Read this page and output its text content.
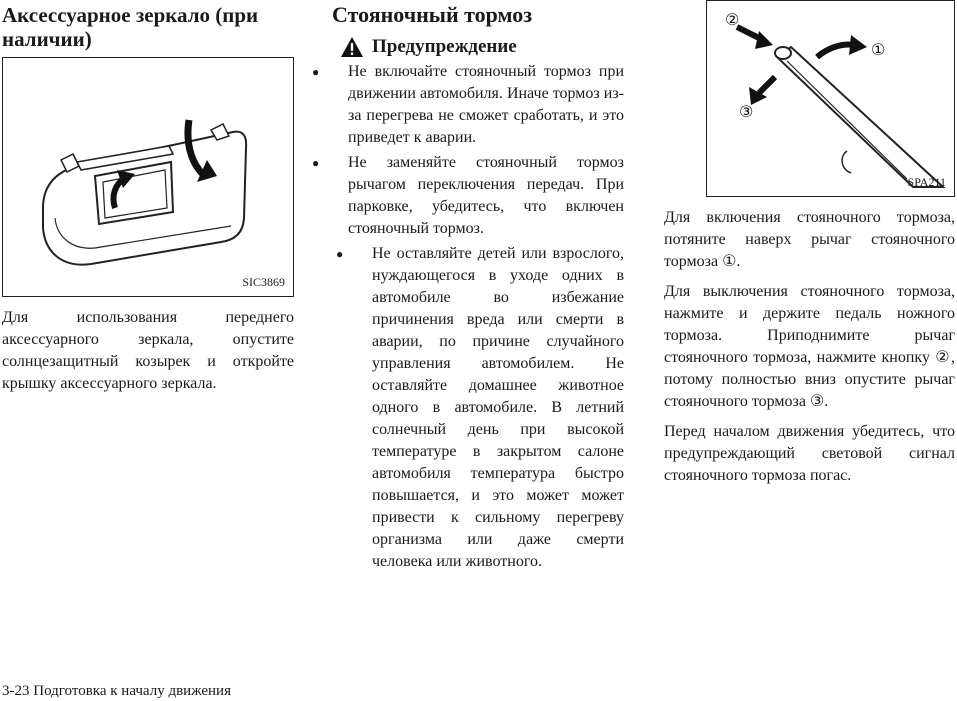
Аксессуарное зеркало (при наличии)
SIC3869

Для использования переднего аксессуарного зеркала, опустите солнцезащитный козырек и откройте крышку аксессуарного зеркала.

Стояночный тормоз
Предупреждение
● Не включайте стояночный тормоз при движении автомобиля. Иначе тормоз из-за перегрева не сможет сработать, и это приведет к аварии.
● Не заменяйте стояночный тормоз рычагом переключения передач. При парковке, убедитесь, что включен стояночный тормоз.
● Не оставляйте детей или взрослого, нуждающегося в уходе одних в автомобиле во избежание причинения вреда или смерти в аварии, по причине случайного управления автомобилем. Не оставляйте домашнее животное одного в автомобиле. В летний солнечный день при высокой температуре в закрытом салоне автомобиля температура быстро повышается, и это может может привести к сильному перегреву организма или даже смерти человека или животного.
①
②
③
SPA211

Для включения стояночного тормоза, потяните наверх рычаг стояночного тормоза ①.

Для выключения стояночного тормоза, нажмите и держите педаль ножного тормоза. Приподнимите рычаг стояночного тормоза, нажмите кнопку ②, потому полностью вниз опустите рычаг стояночного тормоза ③.

Перед началом движения убедитесь, что предупреждающий световой сигнал стояночного тормоза погас.

3-23 Подготовка к началу движения
